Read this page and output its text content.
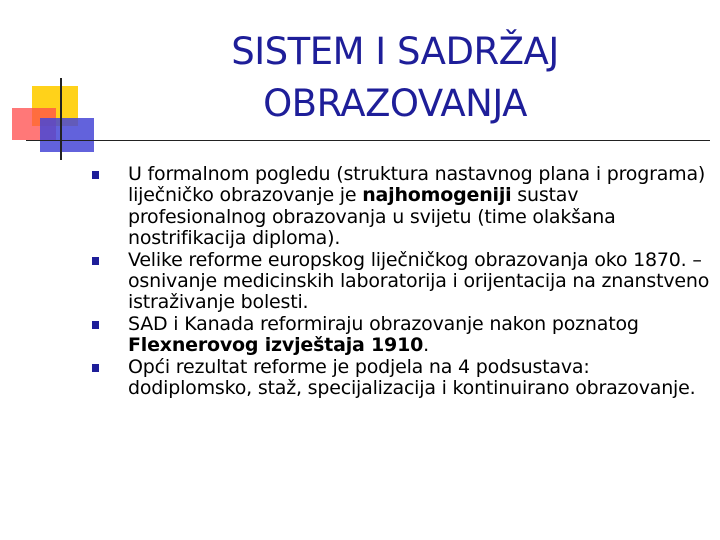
SISTEM I SADRŽAJ
OBRAZOVANJA
U formalnom pogledu (struktura nastavnog plana i programa) liječničko obrazovanje je najhomogeniji sustav profesionalnog obrazovanja u svijetu (time olakšana nostrifikacija diploma).
Velike reforme europskog liječničkog obrazovanja oko 1870. – osnivanje medicinskih laboratorija i orijentacija na znanstveno istraživanje bolesti.
SAD i Kanada reformiraju obrazovanje nakon poznatog Flexnerovog izvještaja 1910.
Opći rezultat reforme je podjela na 4 podsustava: dodiplomsko, staž, specijalizacija i kontinuirano obrazovanje.
